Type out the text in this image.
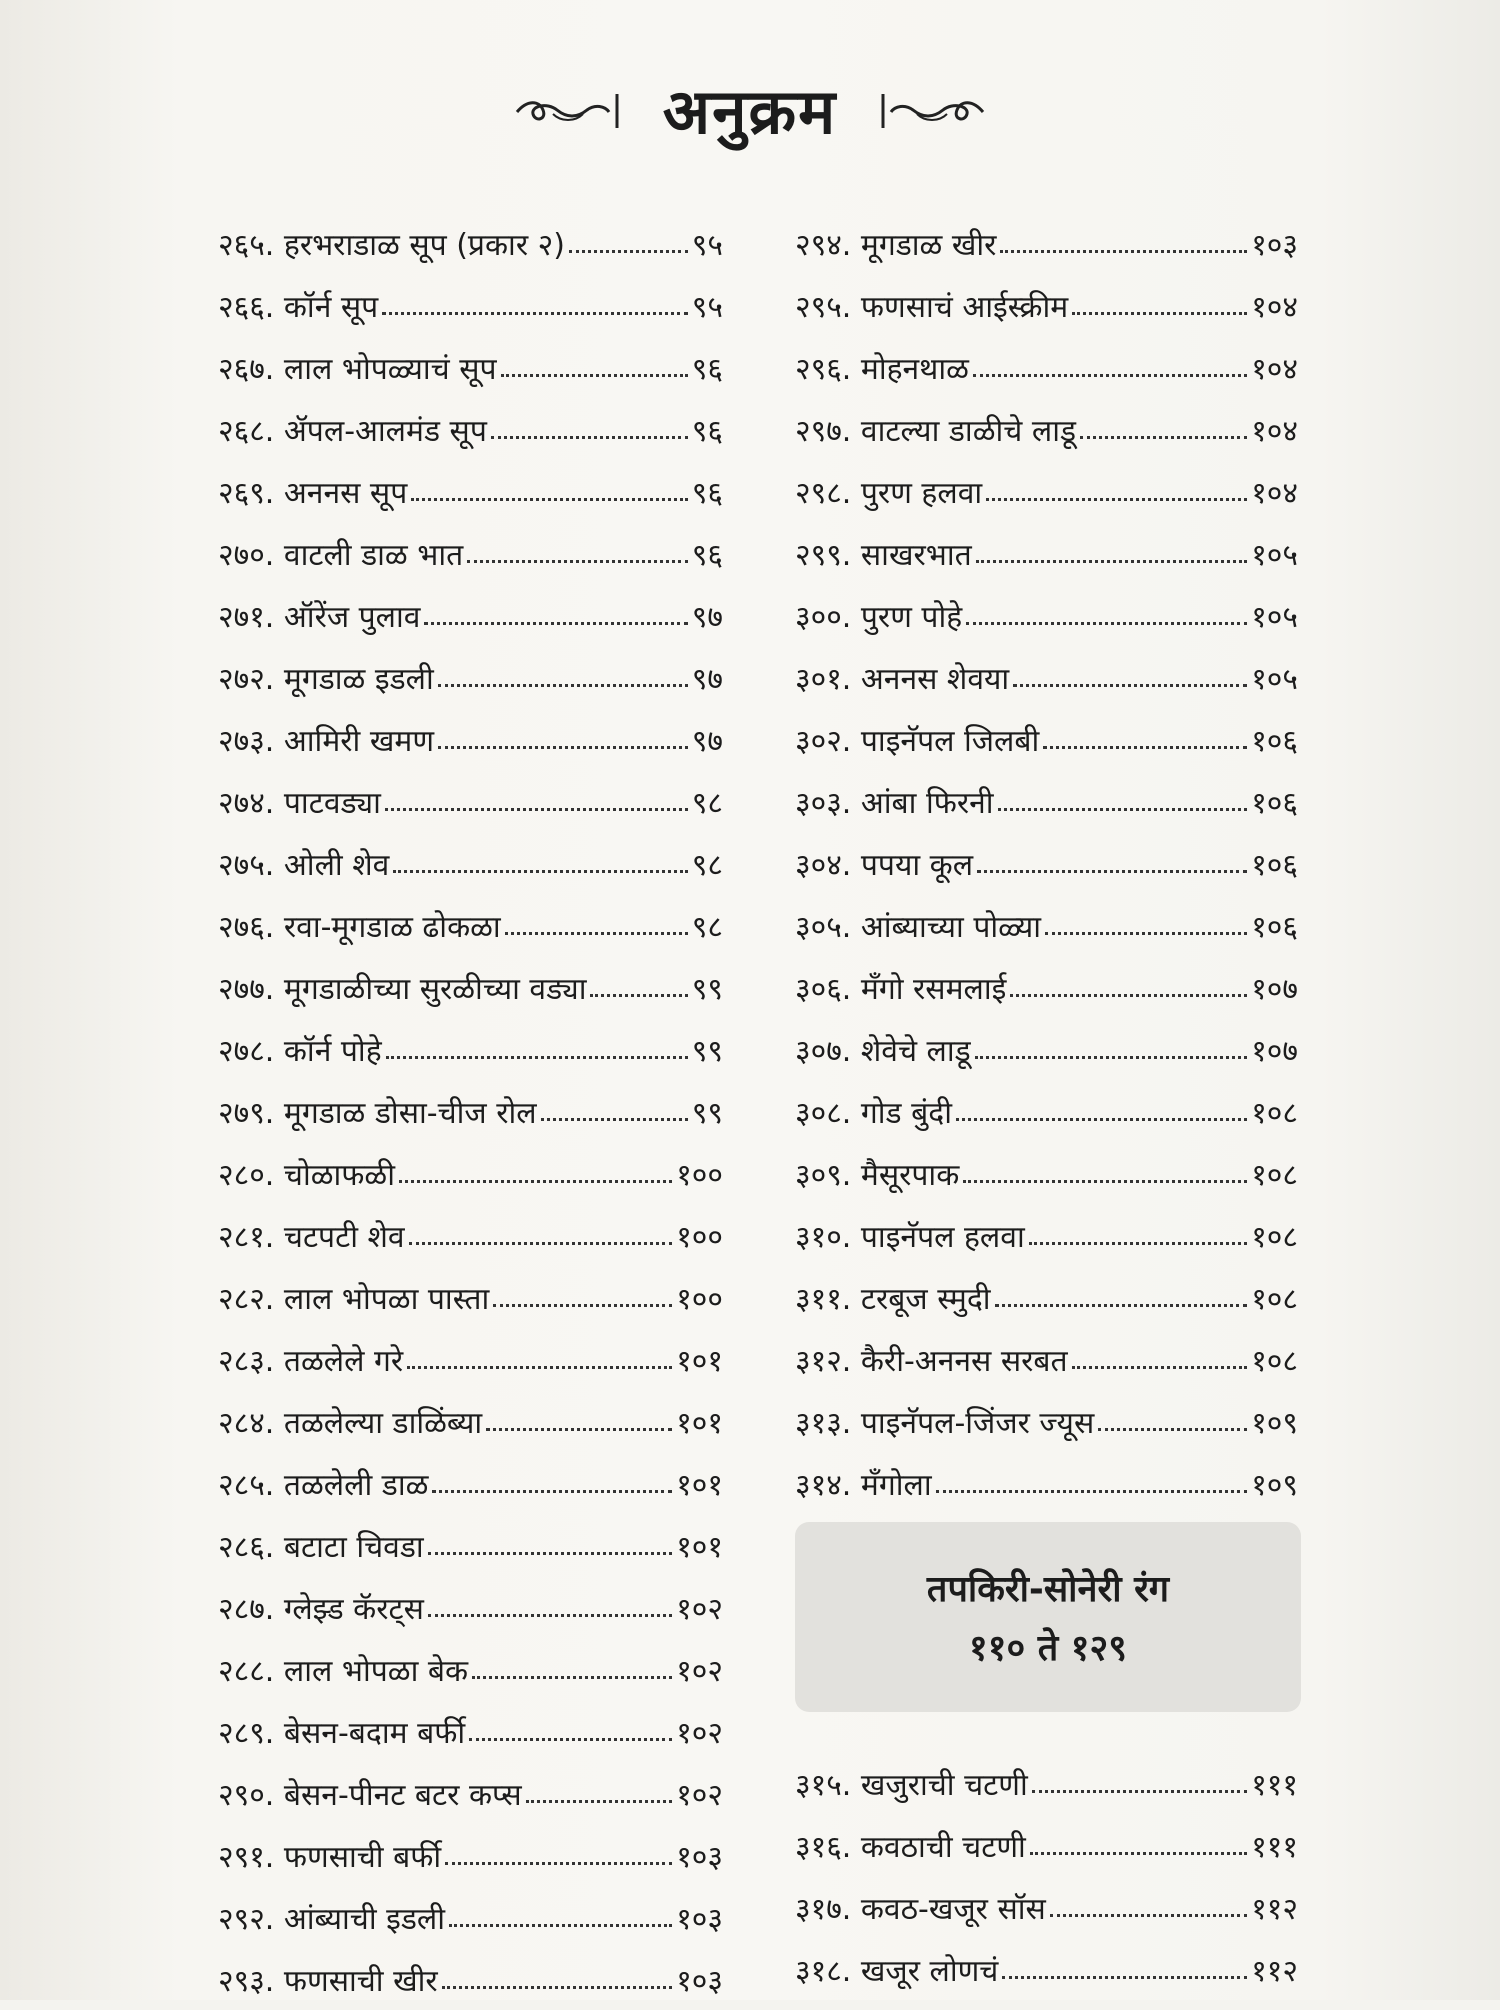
अनुक्रम
२६५. हरभराडाळ सूप (प्रकार २)	९५
२६६. कॉर्न सूप	९५
२६७. लाल भोपळ्याचं सूप	९६
२६८. ॲपल-आलमंड सूप	९६
२६९. अननस सूप	९६
२७०. वाटली डाळ भात	९६
२७१. ऑरेंज पुलाव	९७
२७२. मूगडाळ इडली	९७
२७३. आमिरी खमण	९७
२७४. पाटवड्या	९८
२७५. ओली शेव	९८
२७६. रवा-मूगडाळ ढोकळा	९८
२७७. मूगडाळीच्या सुरळीच्या वड्या	९९
२७८. कॉर्न पोहे	९९
२७९. मूगडाळ डोसा-चीज रोल	९९
२८०. चोळाफळी	१००
२८१. चटपटी शेव	१००
२८२. लाल भोपळा पास्ता	१००
२८३. तळलेले गरे	१०१
२८४. तळलेल्या डाळिंब्या	१०१
२८५. तळलेली डाळ	१०१
२८६. बटाटा चिवडा	१०१
२८७. ग्लेझ्ड कॅरट्स	१०२
२८८. लाल भोपळा बेक	१०२
२८९. बेसन-बदाम बर्फी	१०२
२९०. बेसन-पीनट बटर कप्स	१०२
२९१. फणसाची बर्फी	१०३
२९२. आंब्याची इडली	१०३
२९३. फणसाची खीर	१०३
२९४. मूगडाळ खीर	१०३
२९५. फणसाचं आईस्क्रीम	१०४
२९६. मोहनथाळ	१०४
२९७. वाटल्या डाळीचे लाडू	१०४
२९८. पुरण हलवा	१०४
२९९. साखरभात	१०५
३००. पुरण पोहे	१०५
३०१. अननस शेवया	१०५
३०२. पाइनॅपल जिलबी	१०६
३०३. आंबा फिरनी	१०६
३०४. पपया कूल	१०६
३०५. आंब्याच्या पोळ्या	१०६
३०६. मँगो रसमलाई	१०७
३०७. शेवेचे लाडू	१०७
३०८. गोड बुंदी	१०८
३०९. मैसूरपाक	१०८
३१०. पाइनॅपल हलवा	१०८
३११. टरबूज स्मुदी	१०८
३१२. कैरी-अननस सरबत	१०८
३१३. पाइनॅपल-जिंजर ज्यूस	१०९
३१४. मँगोला	१०९
तपकिरी-सोनेरी रंग
११० ते १२९
३१५. खजुराची चटणी	१११
३१६. कवठाची चटणी	१११
३१७. कवठ-खजूर सॉस	११२
३१८. खजूर लोणचं	११२
